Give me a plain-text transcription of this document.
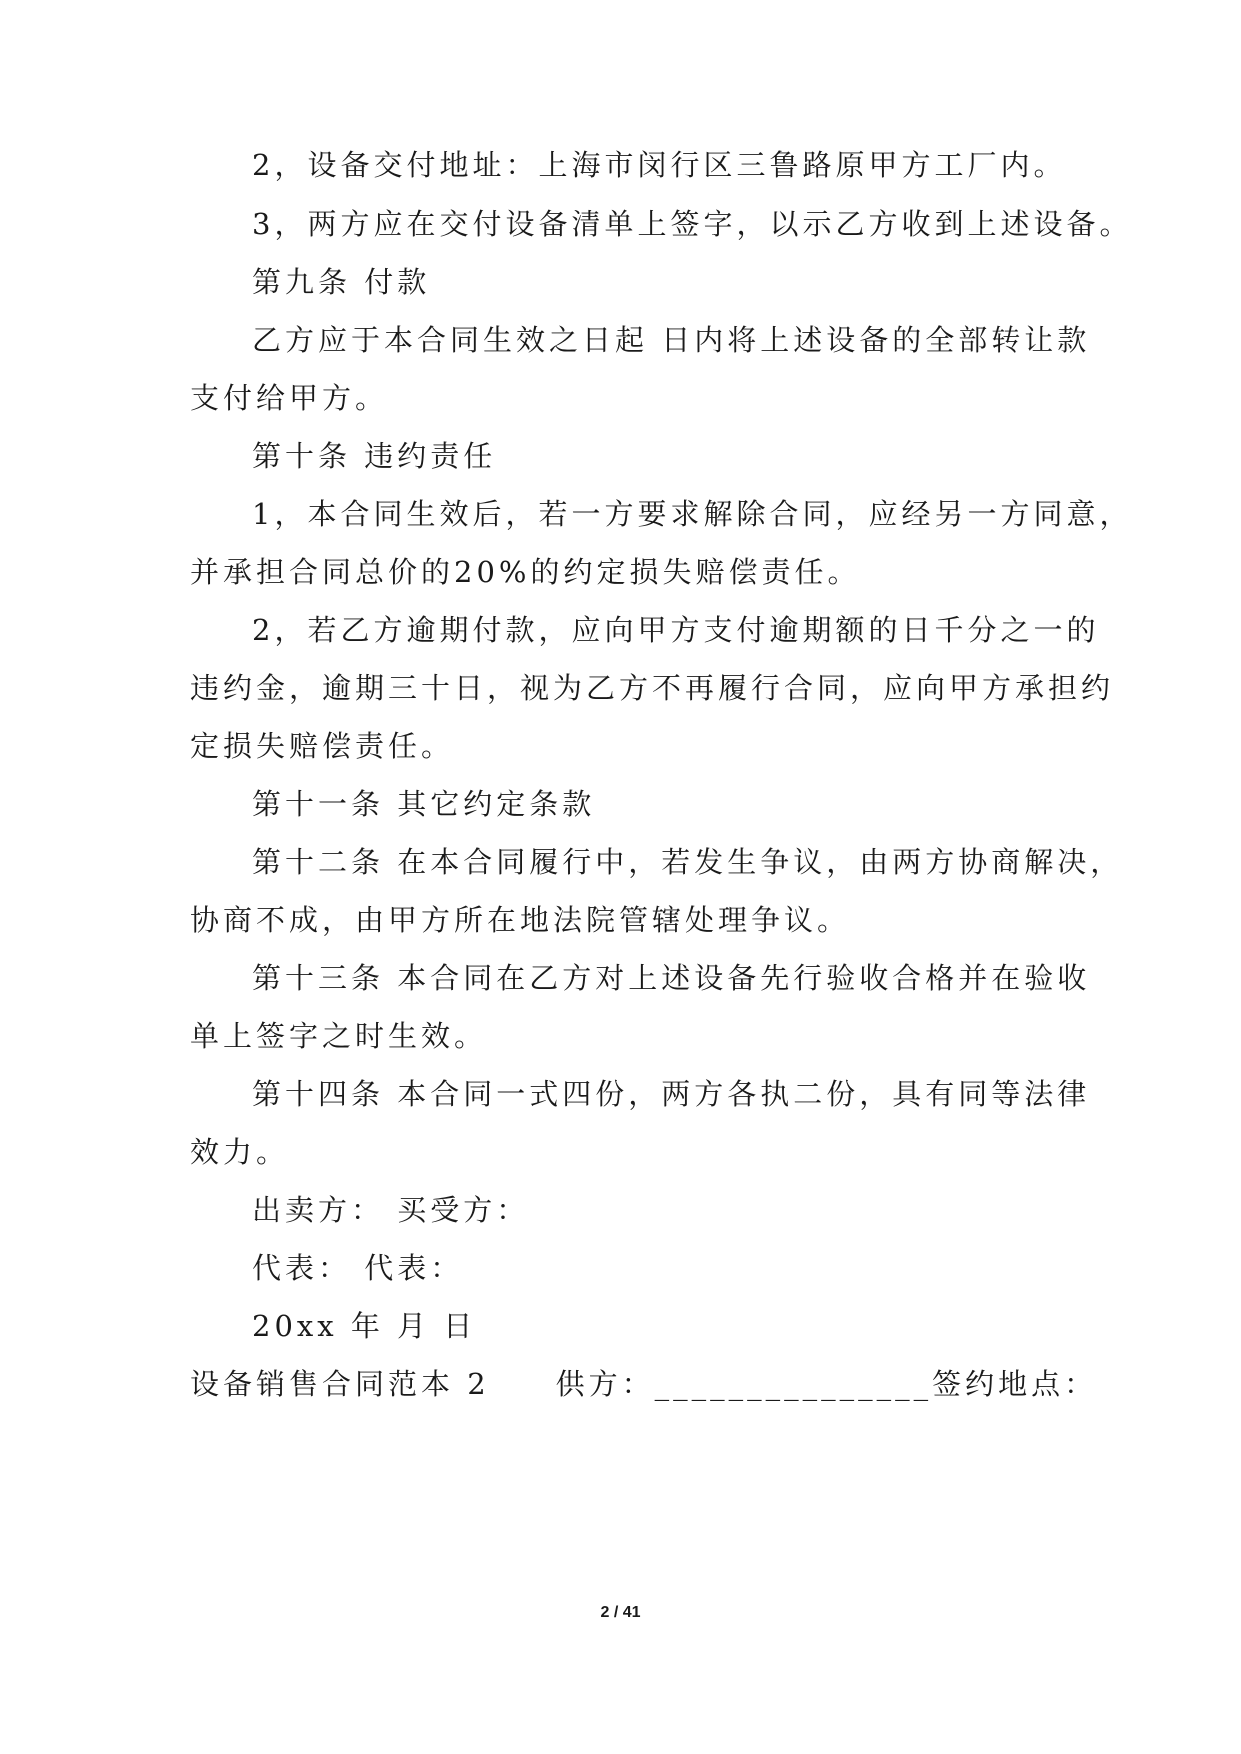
2，设备交付地址：上海市闵行区三鲁路原甲方工厂内。
3，两方应在交付设备清单上签字，以示乙方收到上述设备。
第九条 付款
乙方应于本合同生效之日起 日内将上述设备的全部转让款
支付给甲方。
第十条 违约责任
1，本合同生效后，若一方要求解除合同，应经另一方同意，
并承担合同总价的20%的约定损失赔偿责任。
2，若乙方逾期付款，应向甲方支付逾期额的日千分之一的
违约金，逾期三十日，视为乙方不再履行合同，应向甲方承担约
定损失赔偿责任。
第十一条 其它约定条款
第十二条 在本合同履行中，若发生争议，由两方协商解决，
协商不成，由甲方所在地法院管辖处理争议。
第十三条 本合同在乙方对上述设备先行验收合格并在验收
单上签字之时生效。
第十四条 本合同一式四份，两方各执二份，具有同等法律
效力。
出卖方： 买受方：
代表： 代表：
20xx 年 月 日
设备销售合同范本 2　　供方：_______________签约地点：
2 / 41
